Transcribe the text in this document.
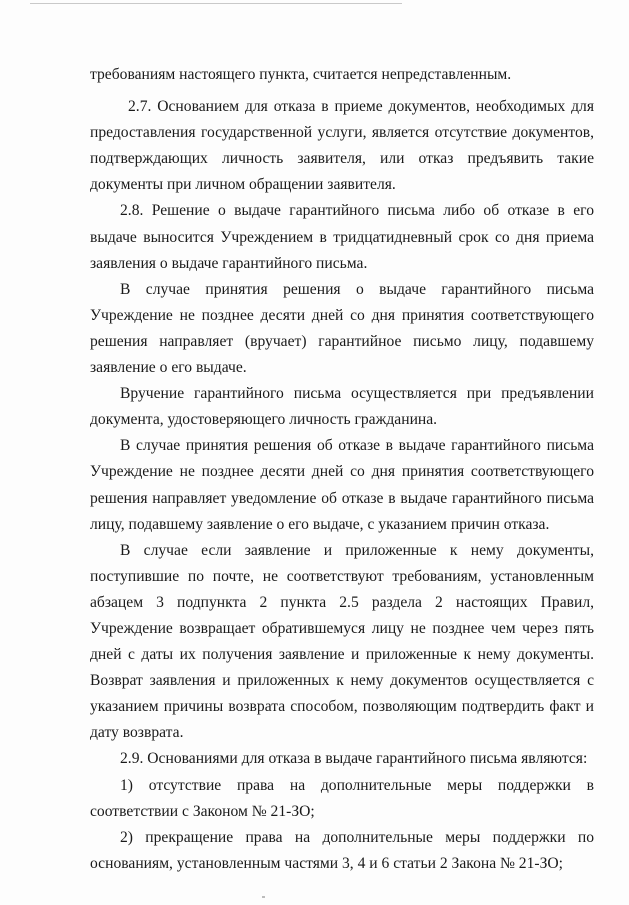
требованиям настоящего пункта, считается непредставленным.

2.7. Основанием для отказа в приеме документов, необходимых для предоставления государственной услуги, является отсутствие документов, подтверждающих личность заявителя, или отказ предъявить такие документы при личном обращении заявителя.

2.8. Решение о выдаче гарантийного письма либо об отказе в его выдаче выносится Учреждением в тридцатидневный срок со дня приема заявления о выдаче гарантийного письма.

В случае принятия решения о выдаче гарантийного письма Учреждение не позднее десяти дней со дня принятия соответствующего решения направляет (вручает) гарантийное письмо лицу, подавшему заявление о его выдаче.

Вручение гарантийного письма осуществляется при предъявлении документа, удостоверяющего личность гражданина.

В случае принятия решения об отказе в выдаче гарантийного письма Учреждение не позднее десяти дней со дня принятия соответствующего решения направляет уведомление об отказе в выдаче гарантийного письма лицу, подавшему заявление о его выдаче, с указанием причин отказа.

В случае если заявление и приложенные к нему документы, поступившие по почте, не соответствуют требованиям, установленным абзацем 3 подпункта 2 пункта 2.5 раздела 2 настоящих Правил, Учреждение возвращает обратившемуся лицу не позднее чем через пять дней с даты их получения заявление и приложенные к нему документы. Возврат заявления и приложенных к нему документов осуществляется с указанием причины возврата способом, позволяющим подтвердить факт и дату возврата.

2.9. Основаниями для отказа в выдаче гарантийного письма являются:

1) отсутствие права на дополнительные меры поддержки в соответствии с Законом № 21-ЗО;

2) прекращение права на дополнительные меры поддержки по основаниям, установленным частями 3, 4 и 6 статьи 2 Закона № 21-ЗО;
